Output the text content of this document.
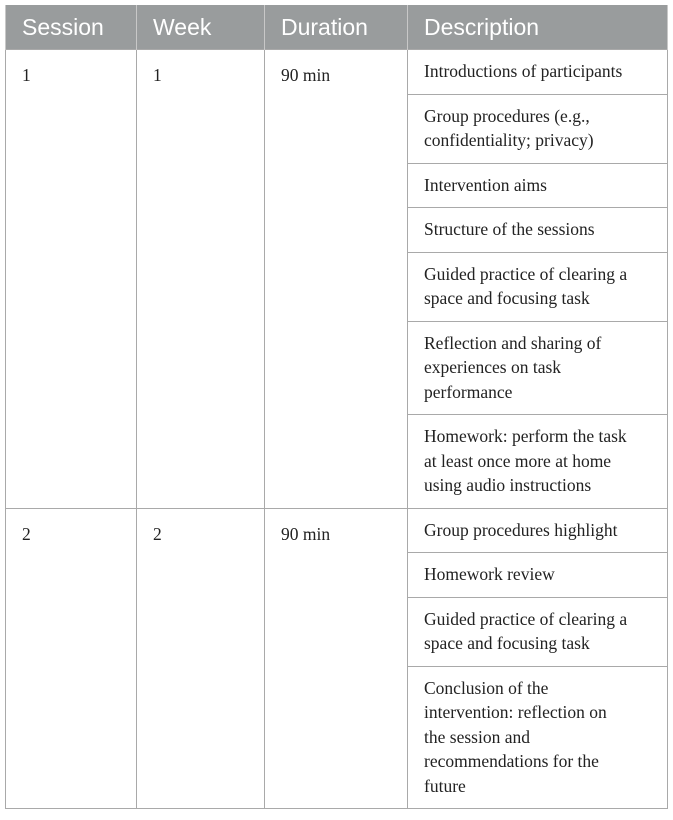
Session	Week	Duration	Description
1	1	90 min	Introductions of participants

			Group procedures (e.g.,
confidentiality; privacy)

			Intervention aims

			Structure of the sessions

			Guided practice of clearing a
space and focusing task

			Reflection and sharing of
experiences on task
performance

			Homework: perform the task
at least once more at home
using audio instructions

2	2	90 min	Group procedures highlight

			Homework review

			Guided practice of clearing a
space and focusing task

			Conclusion of the
intervention: reflection on
the session and
recommendations for the
future
